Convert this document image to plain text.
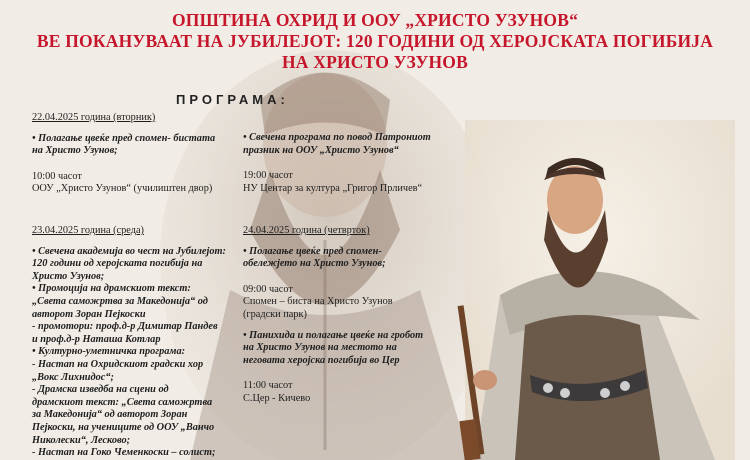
ОПШТИНА ОХРИД И ООУ „ХРИСТО УЗУНОВ“
ВЕ ПОКАНУВААТ НА ЈУБИЛЕЈОТ: 120 ГОДИНИ ОД ХЕРОЈСКАТА ПОГИБИЈА
НА ХРИСТО УЗУНОВ
ПРОГРАМА:

22.04.2025 година (вторник)

• Полагање цвеќе пред спомен- бистата

на Христо Узунов;

10:00 часот

ООУ „Христо Узунов“ (училиштен двор)

• Свечена програма по повод Патрониот

празник на ООУ „Христо Узунов“

19:00 часот

НУ Центар за култура „Григор Прличев“

23.04.2025 година (среда)

• Свечена академија во чест на Јубилејот:

120 години од херојската погибија на

Христо Узунов;

• Промоција на драмскиот текст:

„Света саможртва за Македонија“ од

авторот Зоран Пејкоски

- промотори: проф.д-р Димитар Пандев

и проф.д-р Наташа Котлар

• Културно-уметничка програма:

- Настап на Охридскиот градски хор

„Вокс Лихнидос“;

- Драмска изведба на сцени од

драмскиот текст: „Света саможртва

за Македонија“ од авторот Зоран

Пејкоски, на учениците од ООУ „Ванчо

Николески“, Лесково;

- Настап на Гоко Чеменкоски – солист;

24.04.2025 година (четврток)

• Полагање цвеќе пред спомен-

обележјето на Христо Узунов;

09:00 часот

Спомен – биста на Христо Узунов

(градски парк)

• Панихида и полагање цвеќе на гробот

на Христо Узунов на местото на

неговата херојска погибија во Цер

11:00 часот

С.Цер - Кичево
